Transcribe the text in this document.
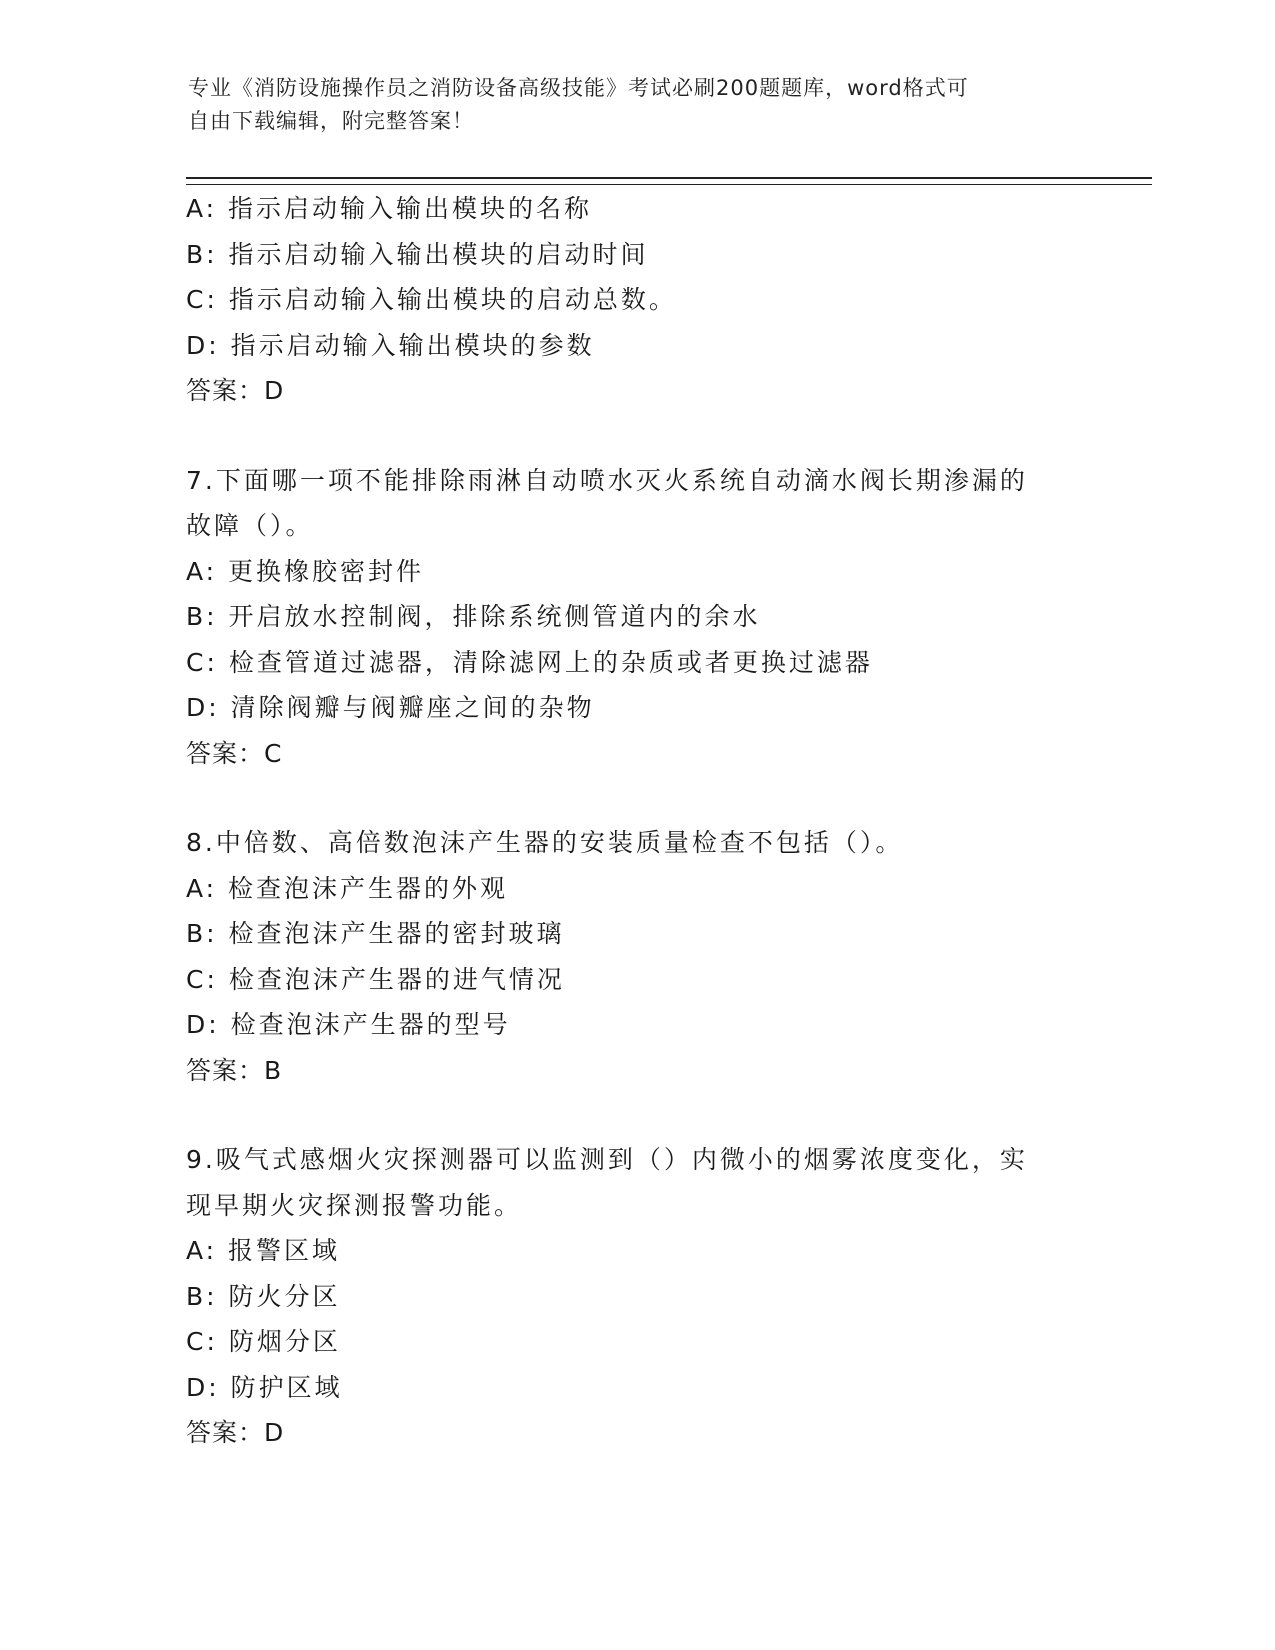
专业《消防设施操作员之消防设备高级技能》考试必刷200题题库，word格式可
自由下载编辑，附完整答案！

A: 指示启动输入输出模块的名称

B: 指示启动输入输出模块的启动时间

C: 指示启动输入输出模块的启动总数。

D: 指示启动输入输出模块的参数

答案：D

7.下面哪一项不能排除雨淋自动喷水灭火系统自动滴水阀长期渗漏的

故障（）。

A: 更换橡胶密封件

B: 开启放水控制阀，排除系统侧管道内的余水

C: 检查管道过滤器，清除滤网上的杂质或者更换过滤器

D: 清除阀瓣与阀瓣座之间的杂物

答案：C

8.中倍数、高倍数泡沫产生器的安装质量检查不包括（）。

A: 检查泡沫产生器的外观

B: 检查泡沫产生器的密封玻璃

C: 检查泡沫产生器的进气情况

D: 检查泡沫产生器的型号

答案：B

9.吸气式感烟火灾探测器可以监测到（）内微小的烟雾浓度变化，实

现早期火灾探测报警功能。

A: 报警区域

B: 防火分区

C: 防烟分区

D: 防护区域

答案：D
